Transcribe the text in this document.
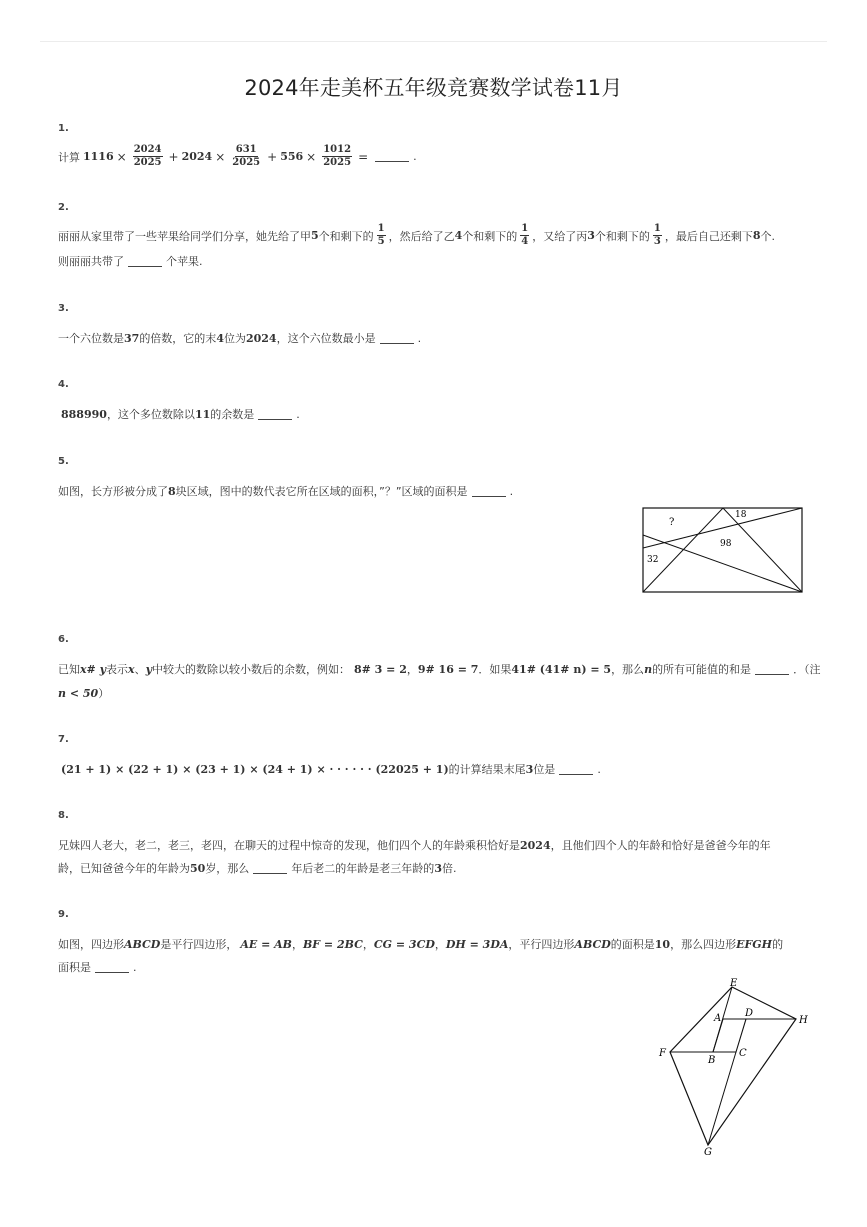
2024年走美杯五年级竞赛数学试卷11月
1.
计算 $1116 \times \frac{2024}{2025} + 2024 \times \frac{631}{2025} + 556 \times \frac{1012}{2025}$ =	.
2.
丽丽从家里带了一些苹果给同学们分享，她先给了甲 5 个和剩下的 $\frac{1}{5}$ ，然后给了乙 4 个和剩下的 $\frac{1}{4}$ ，又给了丙 3 个和剩下的 $\frac{1}{3}$ ，最后自己还剩下 8 个.
则丽丽共带了	个苹果.
3.
一个六位数是 37 的倍数，它的末 4 位为 2024 ，这个六位数最小是	.
4.
888990 ，这个多位数除以 11 的余数是	.
5.
如图，长方形被分成了 8 块区域，图中的数代表它所在区域的面积，”？”区域的面积是	.
?
18
98
32
6.
已知 x# y 表示 x 、 y 中较大的数除以较小数后的余数，例如： 8# 3 = 2 ， 9# 16 = 7 ．如果 41# (41# n) = 5 ，那么 n 的所有可能值的和是	．（注
n < 50 ）
7.
(21 + 1) × (22 + 1) × (23 + 1) × (24 + 1) × · · · · · · (22025 + 1) 的计算结果末尾 3 位是	.
8.
兄妹四人老大，老二，老三，老四，在聊天的过程中惊奇的发现，他们四个人的年龄乘积恰好是 2024 ，且他们四个人的年龄和恰好是爸爸今年的年
龄，已知爸爸今年的年龄为 50 岁，那么	年后老二的年龄是老三年龄的 3 倍.
9.
如图，四边形 ABCD 是平行四边形， AE = AB ， BF = 2BC ， CG = 3CD ， DH = 3DA ，平行四边形 ABCD 的面积是 10 ，那么四边形 EFGH 的
面积是	.
E
A D
H
F
B
C
G
